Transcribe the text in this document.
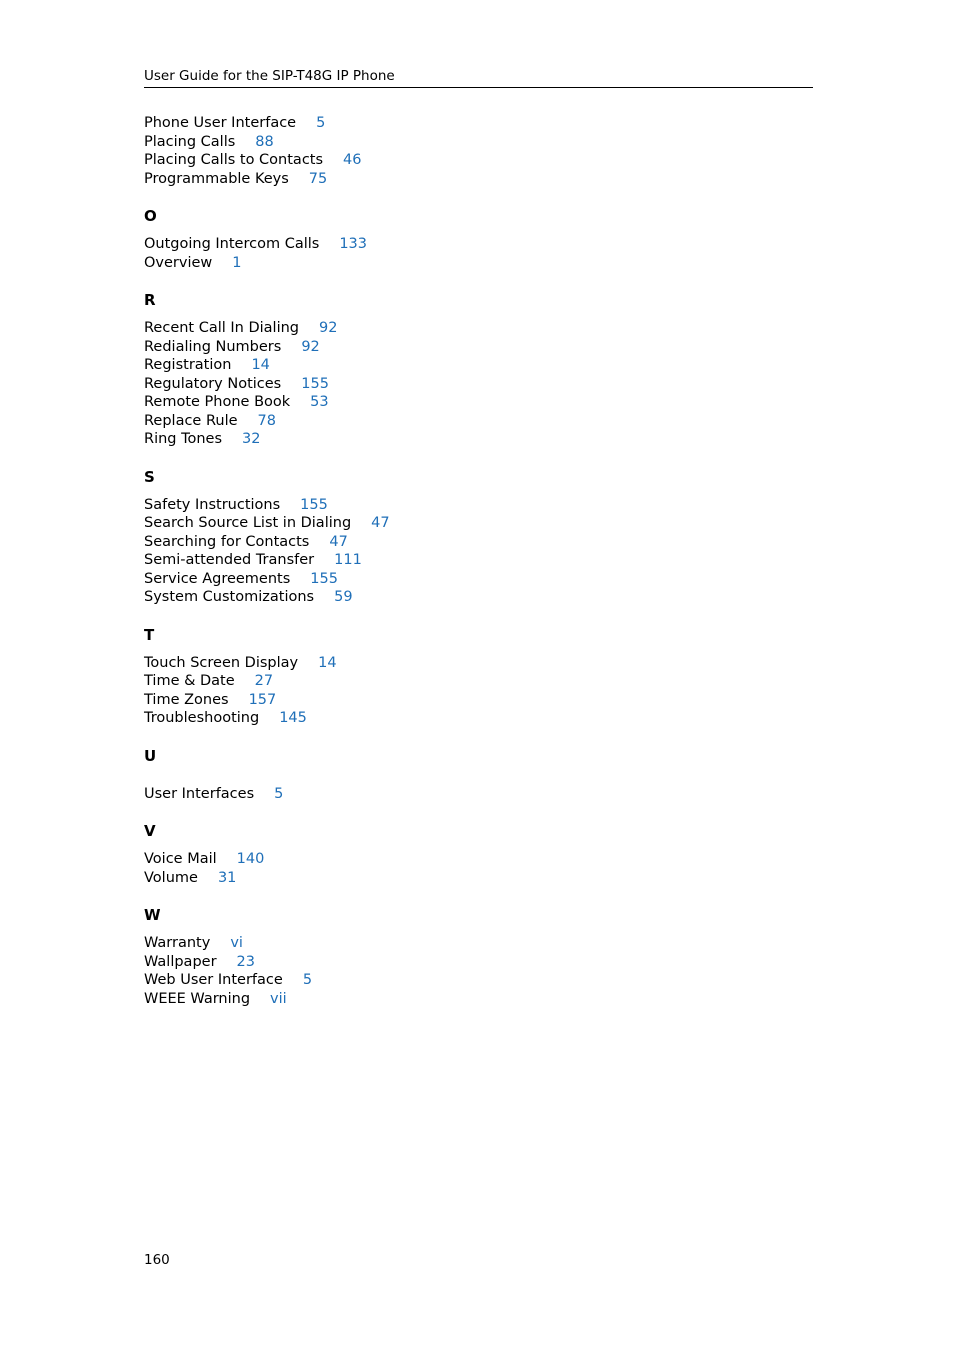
User Guide for the SIP-T48G IP Phone
Phone User Interface 5
Placing Calls 88
Placing Calls to Contacts 46
Programmable Keys 75
O
Outgoing Intercom Calls 133
Overview 1
R
Recent Call In Dialing 92
Redialing Numbers 92
Registration 14
Regulatory Notices 155
Remote Phone Book 53
Replace Rule 78
Ring Tones 32
S
Safety Instructions 155
Search Source List in Dialing 47
Searching for Contacts 47
Semi-attended Transfer 111
Service Agreements 155
System Customizations 59
T
Touch Screen Display 14
Time & Date 27
Time Zones 157
Troubleshooting 145
U
User Interfaces 5
V
Voice Mail 140
Volume 31
W
Warranty vi
Wallpaper 23
Web User Interface 5
WEEE Warning vii
160
